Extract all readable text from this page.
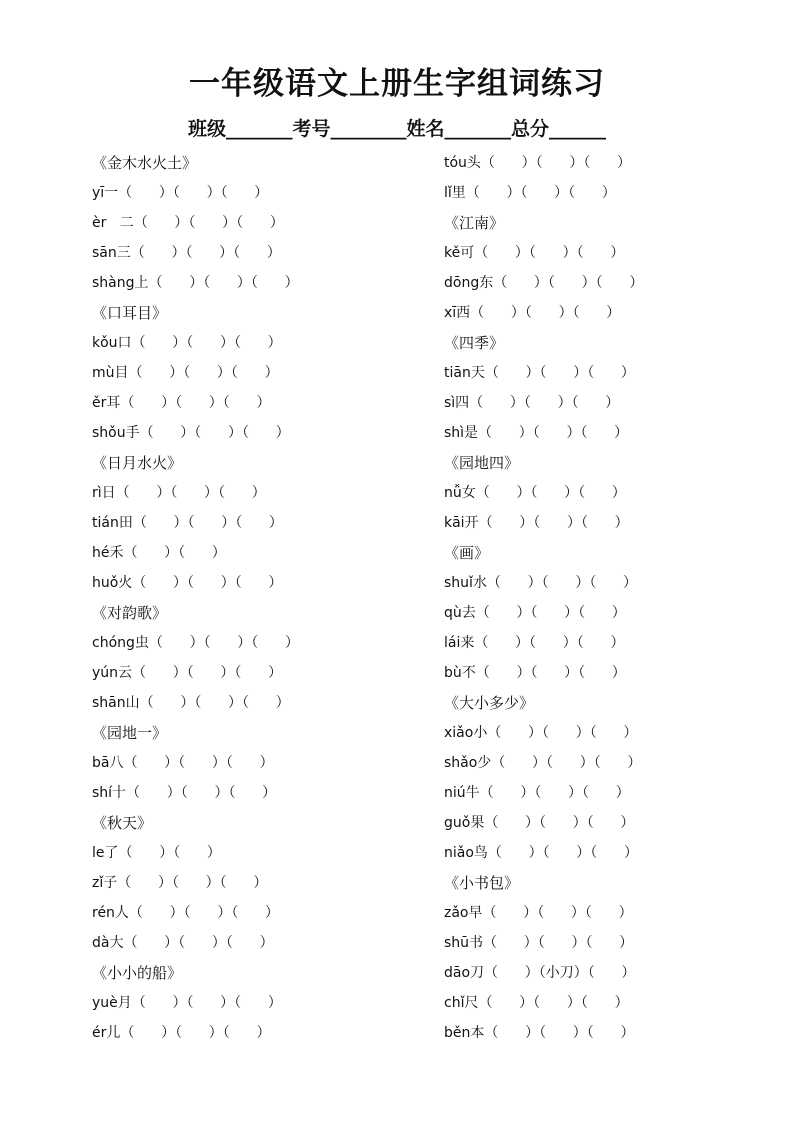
一年级语文上册生字组词练习
班级_______考号________姓名_______总分______
《金木水火土》
yī一（      ）（      ）（      ）
èr   二（      ）（      ）（      ）
sān三（      ）（      ）（      ）
shàng上（      ）（      ）（      ）
《口耳目》
kǒu口（      ）（      ）（      ）
mù目（      ）（      ）（      ）
ěr耳（      ）（      ）（      ）
shǒu手（      ）（      ）（      ）
《日月水火》
rì日（      ）（      ）（      ）
tián田（      ）（      ）（      ）
hé禾（      ）（      ）
huǒ火（      ）（      ）（      ）
《对韵歌》
chóng虫（      ）（      ）（      ）
yún云（      ）（      ）（      ）
shān山（      ）（      ）（      ）
《园地一》
bā八（      ）（      ）（      ）
shí十（      ）（      ）（      ）
《秋天》
le了（      ）（      ）
zǐ子（      ）（      ）（      ）
rén人（      ）（      ）（      ）
dà大（      ）（      ）（      ）
《小小的船》
yuè月（      ）（      ）（      ）
ér儿（      ）（      ）（      ）
tóu头（      ）（      ）（      ）
lǐ里（      ）（      ）（      ）
《江南》
kě可（      ）（      ）（      ）
dōng东（      ）（      ）（      ）
xī西（      ）（      ）（      ）
《四季》
tiān天（      ）（      ）（      ）
sì四（      ）（      ）（      ）
shì是（      ）（      ）（      ）
《园地四》
nǚ女（      ）（      ）（      ）
kāi开（      ）（      ）（      ）
《画》
shuǐ水（      ）（      ）（      ）
qù去（      ）（      ）（      ）
lái来（      ）（      ）（      ）
bù不（      ）（      ）（      ）
《大小多少》
xiǎo小（      ）（      ）（      ）
shǎo少（      ）（      ）（      ）
niú牛（      ）（      ）（      ）
guǒ果（      ）（      ）（      ）
niǎo鸟（      ）（      ）（      ）
《小书包》
zǎo早（      ）（      ）（      ）
shū书（      ）（      ）（      ）
dāo刀（      ）（小刀）（      ）
chǐ尺（      ）（      ）（      ）
běn本（      ）（      ）（      ）
